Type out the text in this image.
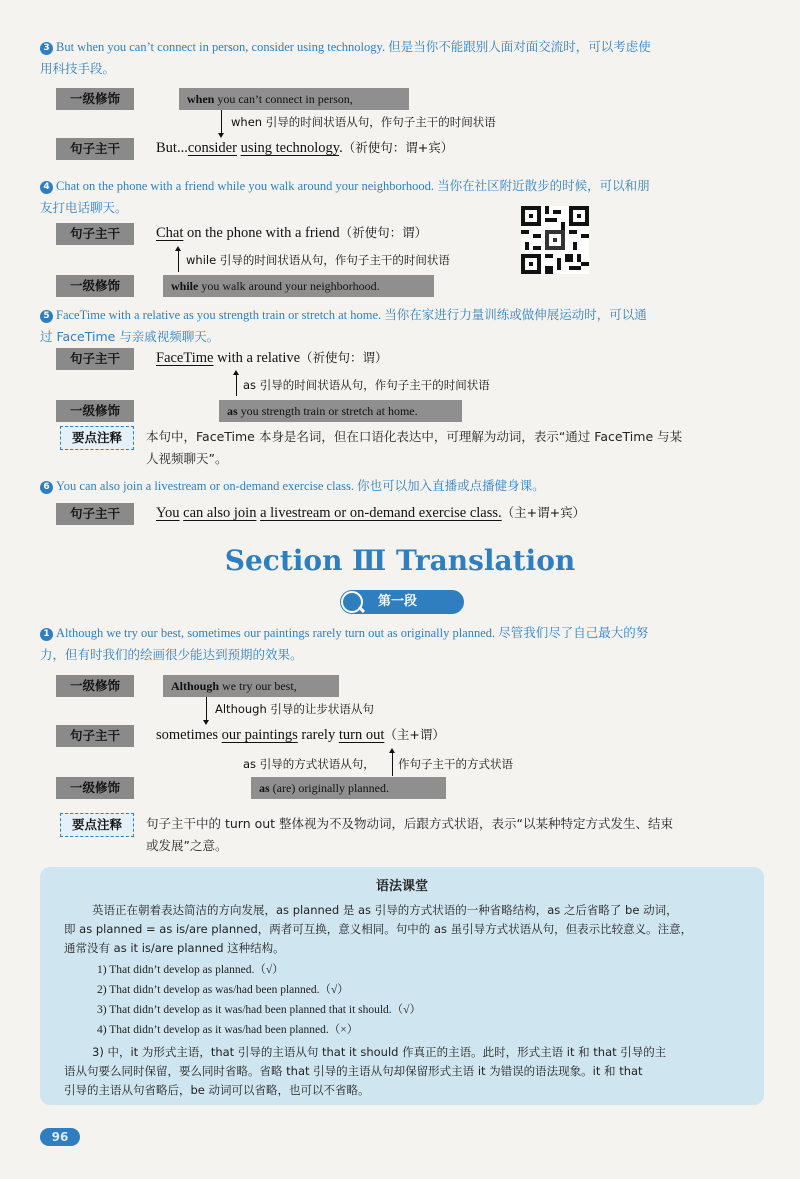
3 But when you can’t connect in person, consider using technology. 但是当你不能跟别人面对面交流时，可以考虑使
用科技手段。
一级修饰	when you can’t connect in person,
when 引导的时间状语从句，作句子主干的时间状语
句子主干	But...consider using technology.（祈使句：谓+宾）
4 Chat on the phone with a friend while you walk around your neighborhood. 当你在社区附近散步的时候，可以和朋
友打电话聊天。
句子主干	Chat on the phone with a friend（祈使句：谓）
while 引导的时间状语从句，作句子主干的时间状语
一级修饰	while you walk around your neighborhood.
5 FaceTime with a relative as you strength train or stretch at home. 当你在家进行力量训练或做伸展运动时，可以通
过 FaceTime 与亲戚视频聊天。
句子主干	FaceTime with a relative（祈使句：谓）
as 引导的时间状语从句，作句子主干的时间状语
一级修饰	as you strength train or stretch at home.
要点注释	本句中，FaceTime 本身是名词，但在口语化表达中，可理解为动词，表示“通过 FaceTime 与某
人视频聊天”。
6 You can also join a livestream or on-demand exercise class. 你也可以加入直播或点播健身课。
句子主干	You can also join a livestream or on-demand exercise class.（主+谓+宾）
Section Ⅲ Translation
第一段
1 Although we try our best, sometimes our paintings rarely turn out as originally planned. 尽管我们尽了自己最大的努
力，但有时我们的绘画很少能达到预期的效果。
一级修饰	Although we try our best,
Although 引导的让步状语从句
句子主干	sometimes our paintings rarely turn out（主+谓）
as 引导的方式状语从句， 作句子主干的方式状语
一级修饰	as (are) originally planned.
要点注释	句子主干中的 turn out 整体视为不及物动词，后跟方式状语，表示“以某种特定方式发生、结束
或发展”之意。
语法课堂
英语正在朝着表达简洁的方向发展，as planned 是 as 引导的方式状语的一种省略结构，as 之后省略了 be 动词，
即 as planned = as is/are planned，两者可互换，意义相同。句中的 as 虽引导方式状语从句，但表示比较意义。注意，
通常没有 as it is/are planned 这种结构。
1) That didn’t develop as planned.（√）
2) That didn’t develop as was/had been planned.（√）
3) That didn’t develop as it was/had been planned that it should.（√）
4) That didn’t develop as it was/had been planned.（×）
3) 中，it 为形式主语，that 引导的主语从句 that it should 作真正的主语。此时，形式主语 it 和 that 引导的主
语从句要么同时保留，要么同时省略。省略 that 引导的主语从句却保留形式主语 it 为错误的语法现象。it 和 that
引导的主语从句省略后，be 动词可以省略，也可以不省略。
96
